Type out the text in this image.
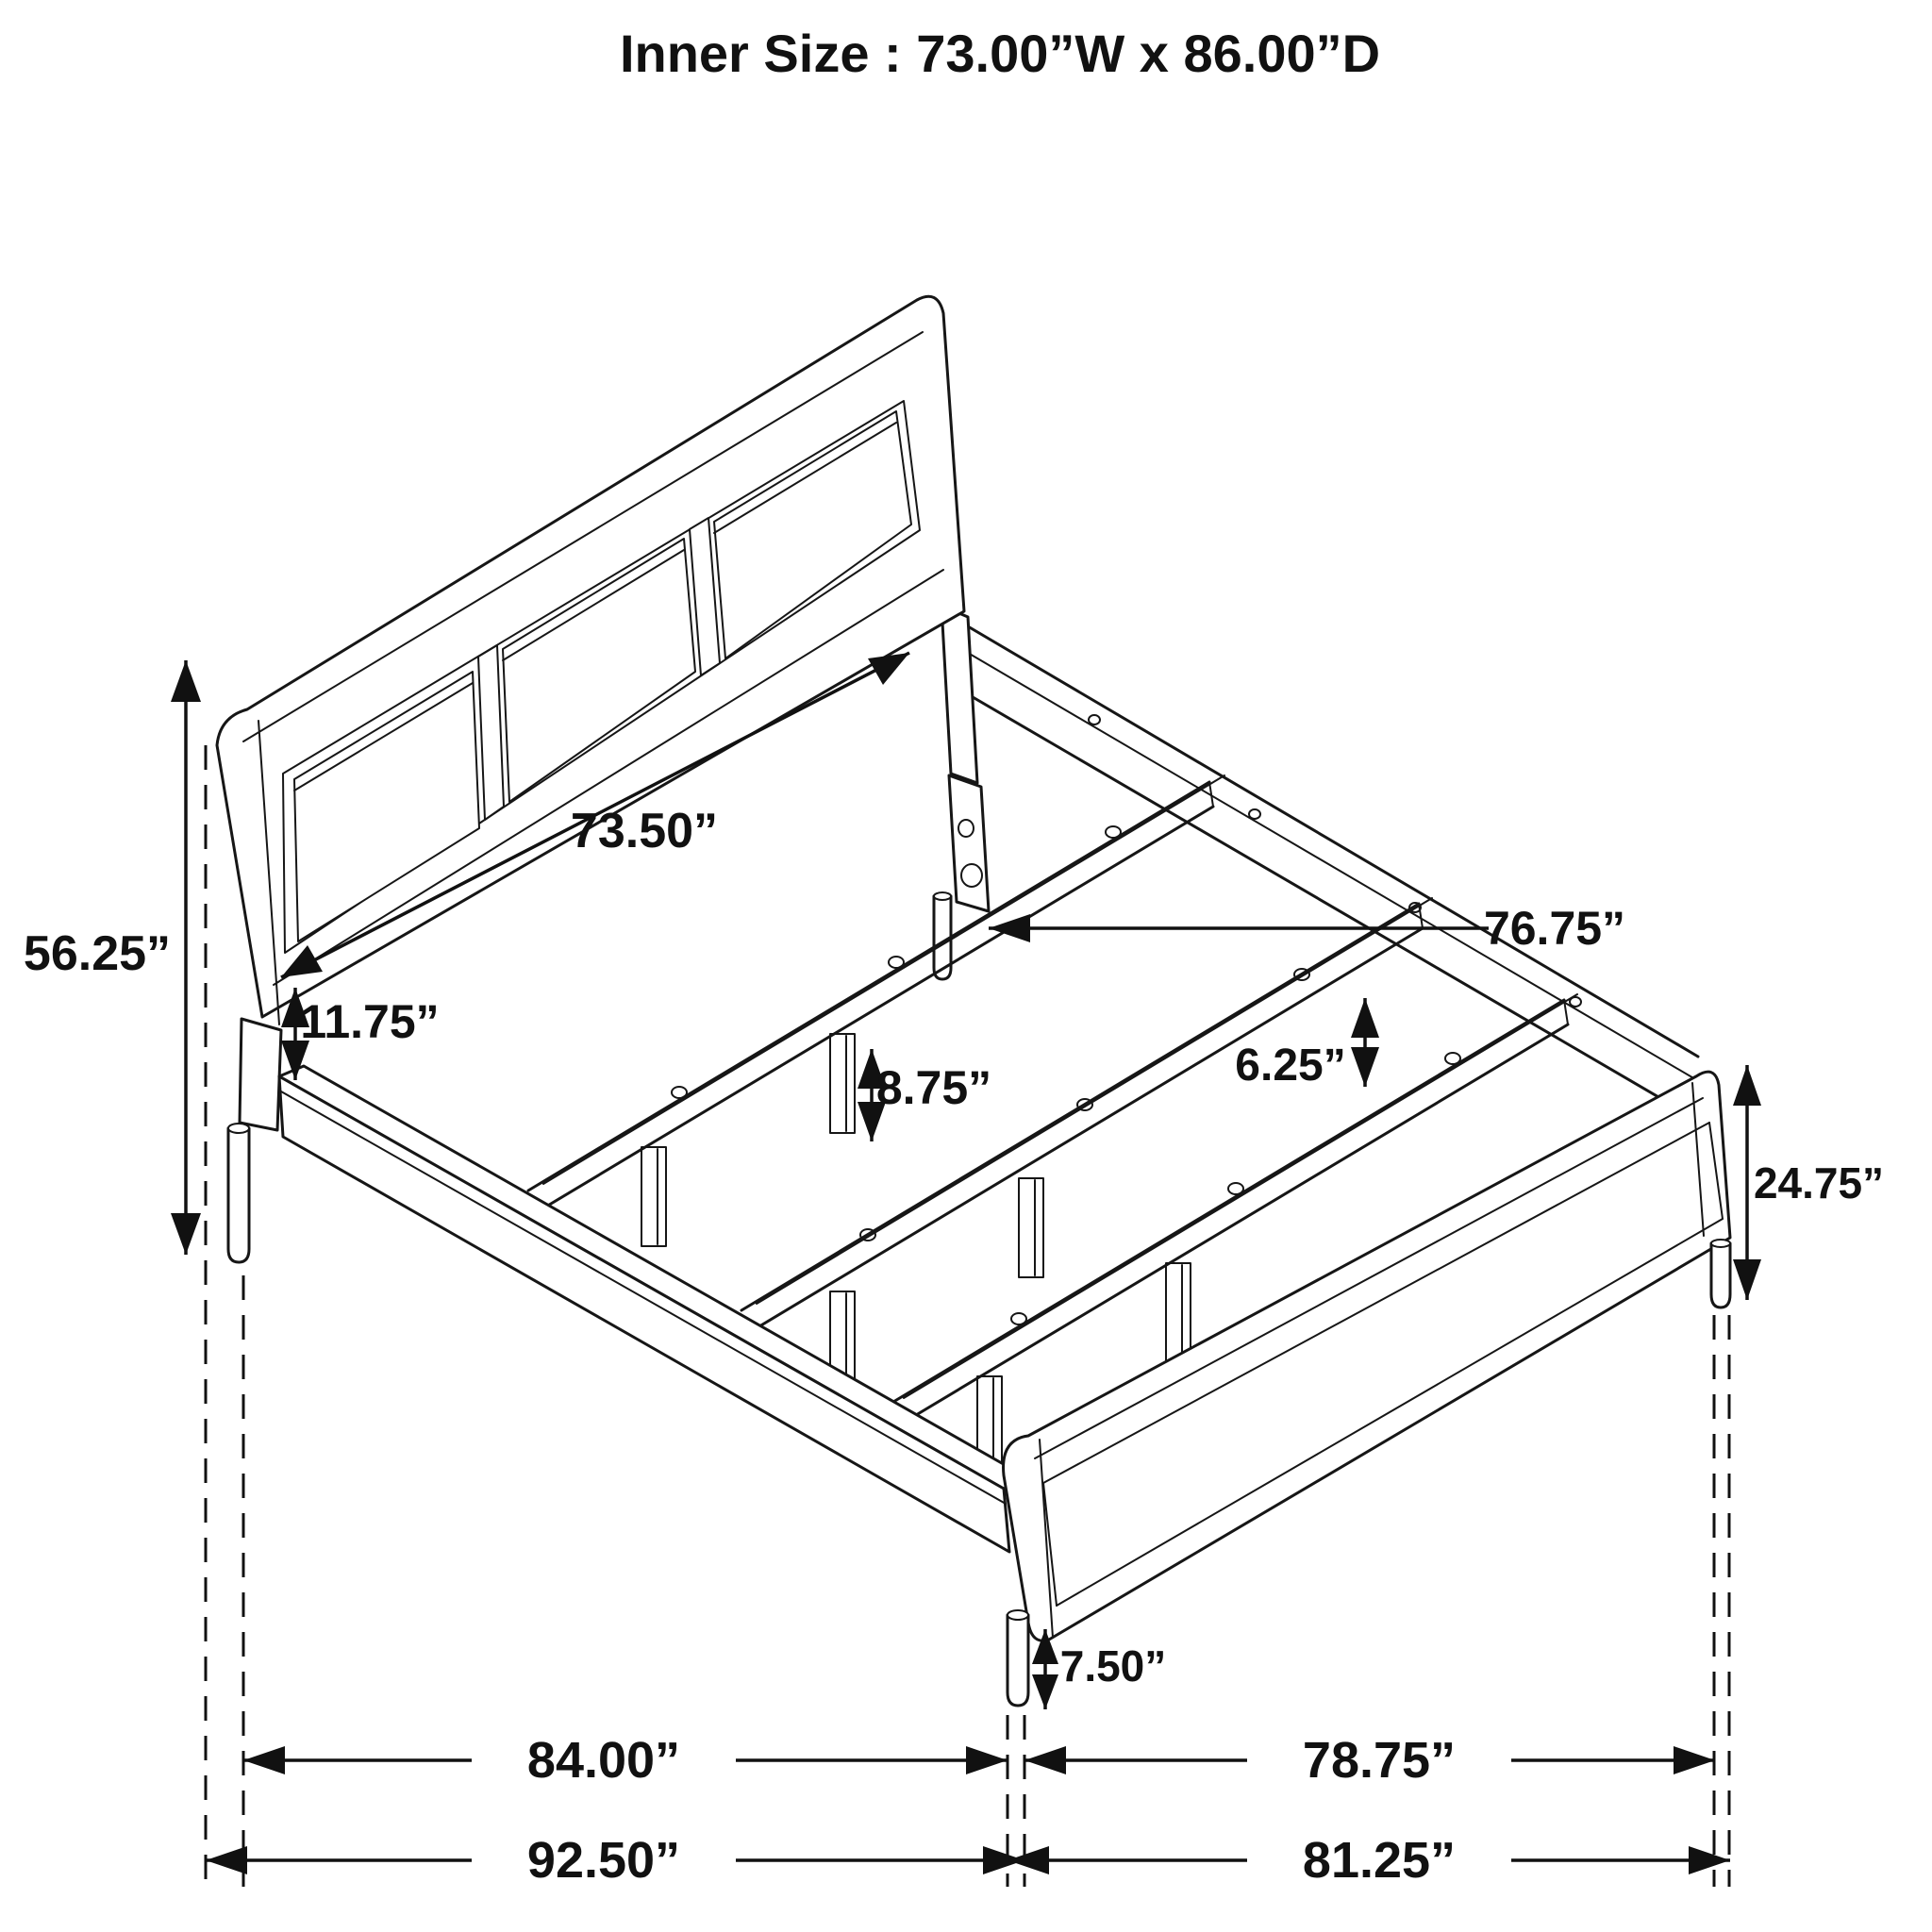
Inner Size : 73.00”W x 86.00”D
56.25”
73.50”
11.75”
8.75”
76.75”
6.25”
24.75”
7.50”
84.00”	78.75”
92.50”	81.25”
